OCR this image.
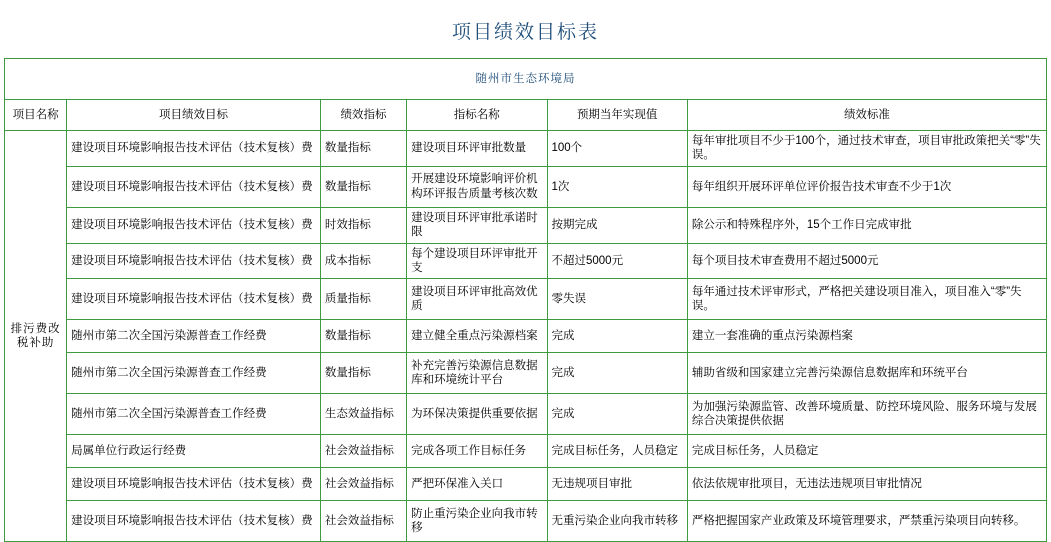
项目绩效目标表
随州市生态环境局					
项目名称	项目绩效目标	绩效指标	指标名称	预期当年实现值	绩效标准
排污费改税补助	建设项目环境影响报告技术评估（技术复核）费	数量指标	建设项目环评审批数量	100个	每年审批项目不少于100个，通过技术审查，项目审批政策把关“零”失误。
	建设项目环境影响报告技术评估（技术复核）费	数量指标	开展建设环境影响评价机构环评报告质量考核次数	1次	每年组织开展环评单位评价报告技术审查不少于1次
	建设项目环境影响报告技术评估（技术复核）费	时效指标	建设项目环评审批承诺时限	按期完成	除公示和特殊程序外，15个工作日完成审批
	建设项目环境影响报告技术评估（技术复核）费	成本指标	每个建设项目环评审批开支	不超过5000元	每个项目技术审查费用不超过5000元
	建设项目环境影响报告技术评估（技术复核）费	质量指标	建设项目环评审批高效优质	零失误	每年通过技术评审形式，严格把关建设项目准入，项目准入“零”失误。
	随州市第二次全国污染源普查工作经费	数量指标	建立健全重点污染源档案	完成	建立一套准确的重点污染源档案
	随州市第二次全国污染源普查工作经费	数量指标	补充完善污染源信息数据库和环境统计平台	完成	辅助省级和国家建立完善污染源信息数据库和环统平台
	随州市第二次全国污染源普查工作经费	生态效益指标	为环保决策提供重要依据	完成	为加强污染源监管、改善环境质量、防控环境风险、服务环境与发展综合决策提供依据
	局属单位行政运行经费	社会效益指标	完成各项工作目标任务	完成目标任务，人员稳定	完成目标任务，人员稳定
	建设项目环境影响报告技术评估（技术复核）费	社会效益指标	严把环保准入关口	无违规项目审批	依法依规审批项目，无违法违规项目审批情况
	建设项目环境影响报告技术评估（技术复核）费	社会效益指标	防止重污染企业向我市转移	无重污染企业向我市转移	严格把握国家产业政策及环境管理要求，严禁重污染项目向转移。
